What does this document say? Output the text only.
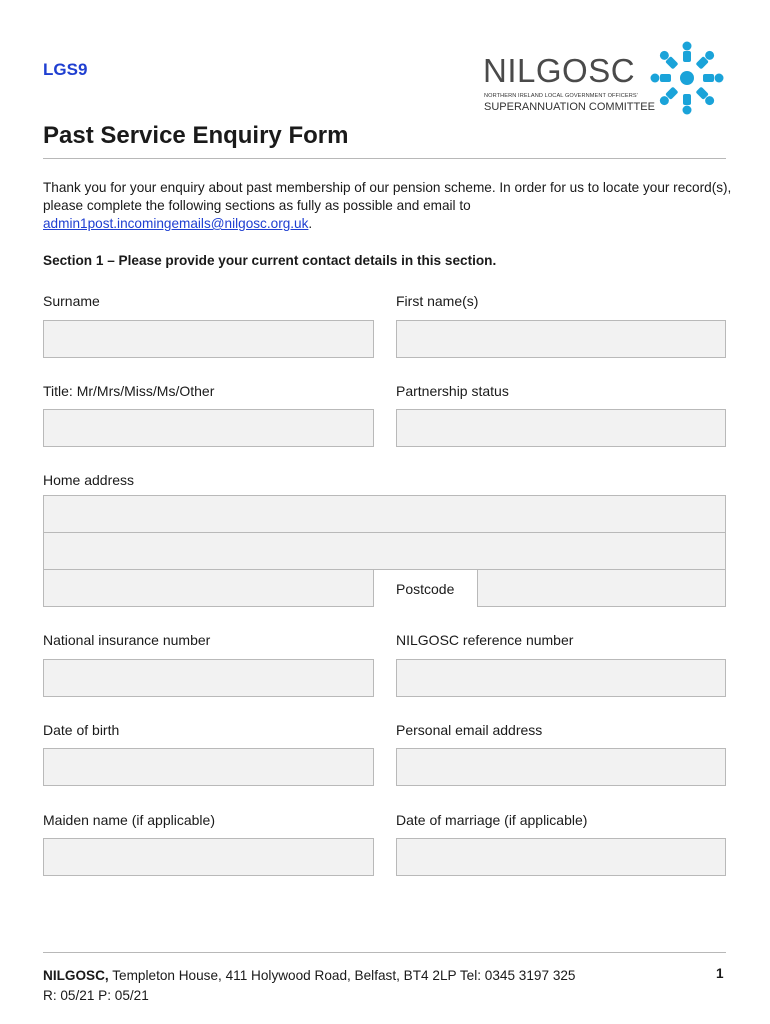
LGS9	NILGOSC
NORTHERN IRELAND LOCAL GOVERNMENT OFFICERS'
SUPERANNUATION COMMITTEE
Past Service Enquiry Form
Thank you for your enquiry about past membership of our pension scheme. In order for us to locate your record(s), please complete the following sections as fully as possible and email to admin1post.incomingemails@nilgosc.org.uk.
Section 1 – Please provide your current contact details in this section.
Surname	First name(s)
Title: Mr/Mrs/Miss/Ms/Other	Partnership status
Home address
Postcode
National insurance number	NILGOSC reference number
Date of birth	Personal email address
Maiden name (if applicable)	Date of marriage (if applicable)
NILGOSC, Templeton House, 411 Holywood Road, Belfast, BT4 2LP Tel: 0345 3197 325
R: 05/21 P: 05/21
1
